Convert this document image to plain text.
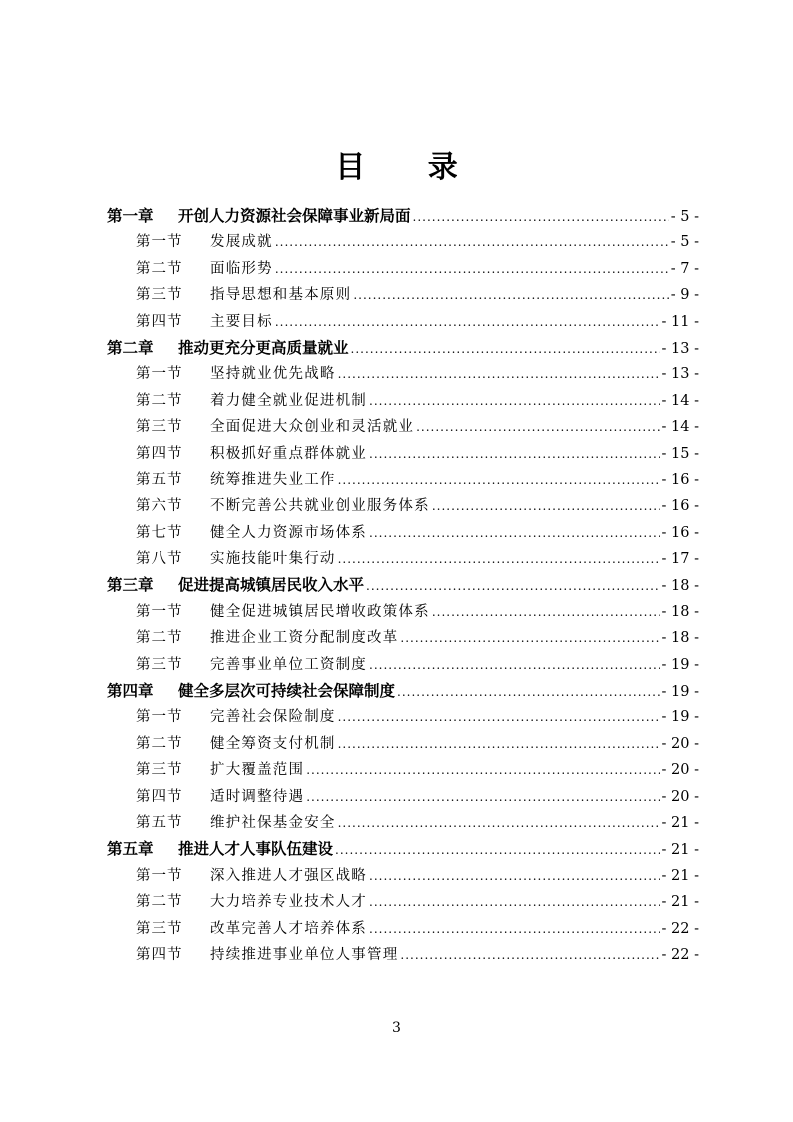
目 录
第一章	开创人力资源社会保障事业新局面 .....	- 5 -
第一节	发展成就 .....	- 5 -
第二节	面临形势 .....	- 7 -
第三节	指导思想和基本原则 .....	- 9 -
第四节	主要目标 .....	- 11 -
第二章	推动更充分更高质量就业 .....	- 13 -
第一节	坚持就业优先战略 .....	- 13 -
第二节	着力健全就业促进机制 .....	- 14 -
第三节	全面促进大众创业和灵活就业 .....	- 14 -
第四节	积极抓好重点群体就业 .....	- 15 -
第五节	统筹推进失业工作 .....	- 16 -
第六节	不断完善公共就业创业服务体系 .....	- 16 -
第七节	健全人力资源市场体系 .....	- 16 -
第八节	实施技能叶集行动 .....	- 17 -
第三章	促进提高城镇居民收入水平 .....	- 18 -
第一节	健全促进城镇居民增收政策体系 .....	- 18 -
第二节	推进企业工资分配制度改革 .....	- 18 -
第三节	完善事业单位工资制度 .....	- 19 -
第四章	健全多层次可持续社会保障制度 .....	- 19 -
第一节	完善社会保险制度 .....	- 19 -
第二节	健全筹资支付机制 .....	- 20 -
第三节	扩大覆盖范围 .....	- 20 -
第四节	适时调整待遇 .....	- 20 -
第五节	维护社保基金安全 .....	- 21 -
第五章	推进人才人事队伍建设 .....	- 21 -
第一节	深入推进人才强区战略 .....	- 21 -
第二节	大力培养专业技术人才 .....	- 21 -
第三节	改革完善人才培养体系 .....	- 22 -
第四节	持续推进事业单位人事管理 .....	- 22 -
3
